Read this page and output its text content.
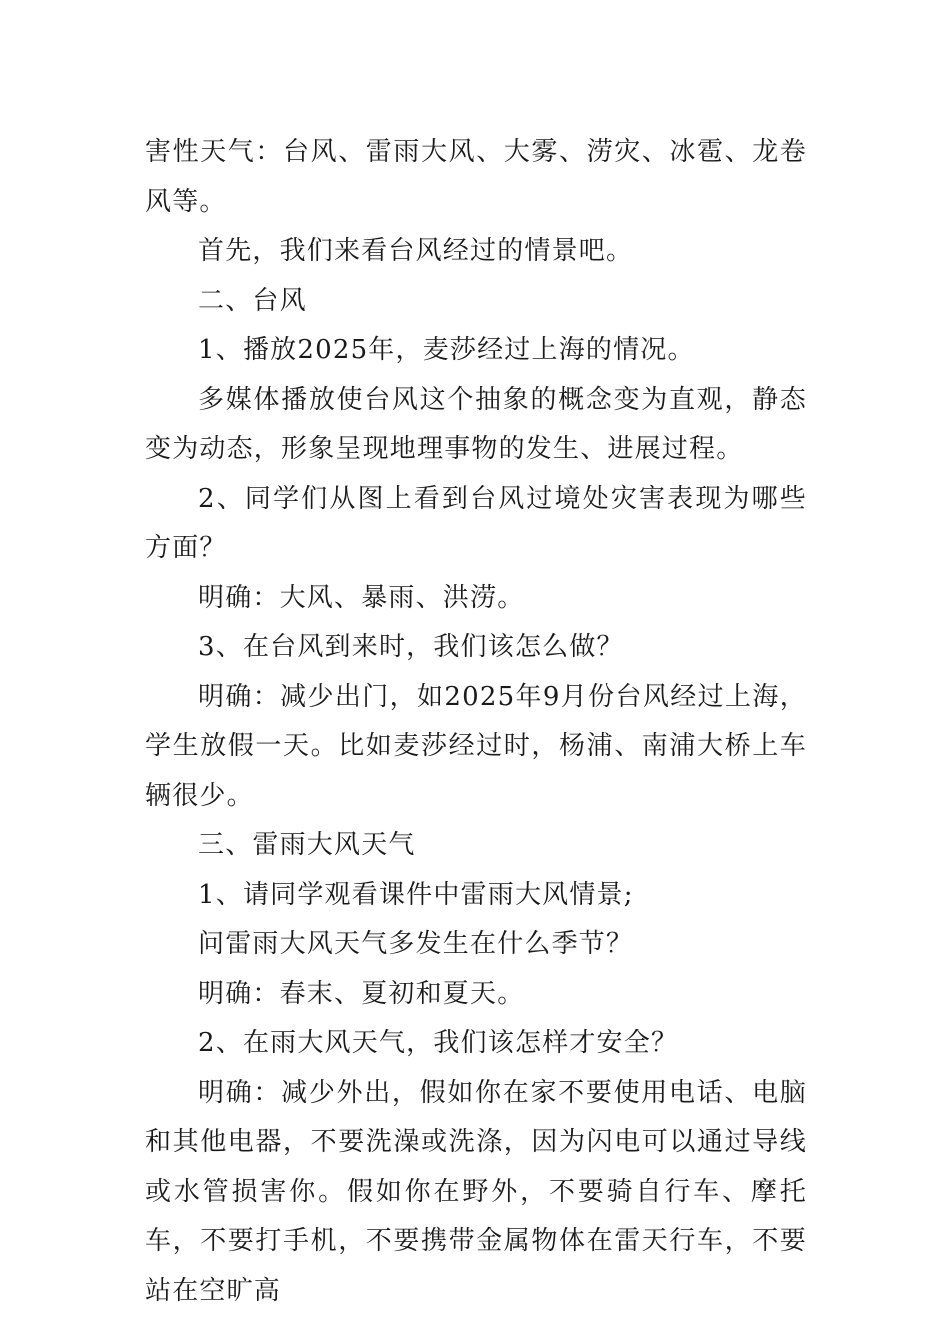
害性天气：台风、雷雨大风、大雾、涝灾、冰雹、龙卷风等。

首先，我们来看台风经过的情景吧。

二、台风

1、播放2025年，麦莎经过上海的情况。

多媒体播放使台风这个抽象的概念变为直观，静态变为动态，形象呈现地理事物的发生、进展过程。

2、同学们从图上看到台风过境处灾害表现为哪些方面？

明确：大风、暴雨、洪涝。

3、在台风到来时，我们该怎么做？

明确：减少出门，如2025年9月份台风经过上海，学生放假一天。比如麦莎经过时，杨浦、南浦大桥上车辆很少。

三、雷雨大风天气

1、请同学观看课件中雷雨大风情景;

问雷雨大风天气多发生在什么季节？

明确：春末、夏初和夏天。

2、在雨大风天气，我们该怎样才安全？

明确：减少外出，假如你在家不要使用电话、电脑和其他电器，不要洗澡或洗涤，因为闪电可以通过导线或水管损害你。假如你在野外，不要骑自行车、摩托车，不要打手机，不要携带金属物体在雷天行车，不要站在空旷高
